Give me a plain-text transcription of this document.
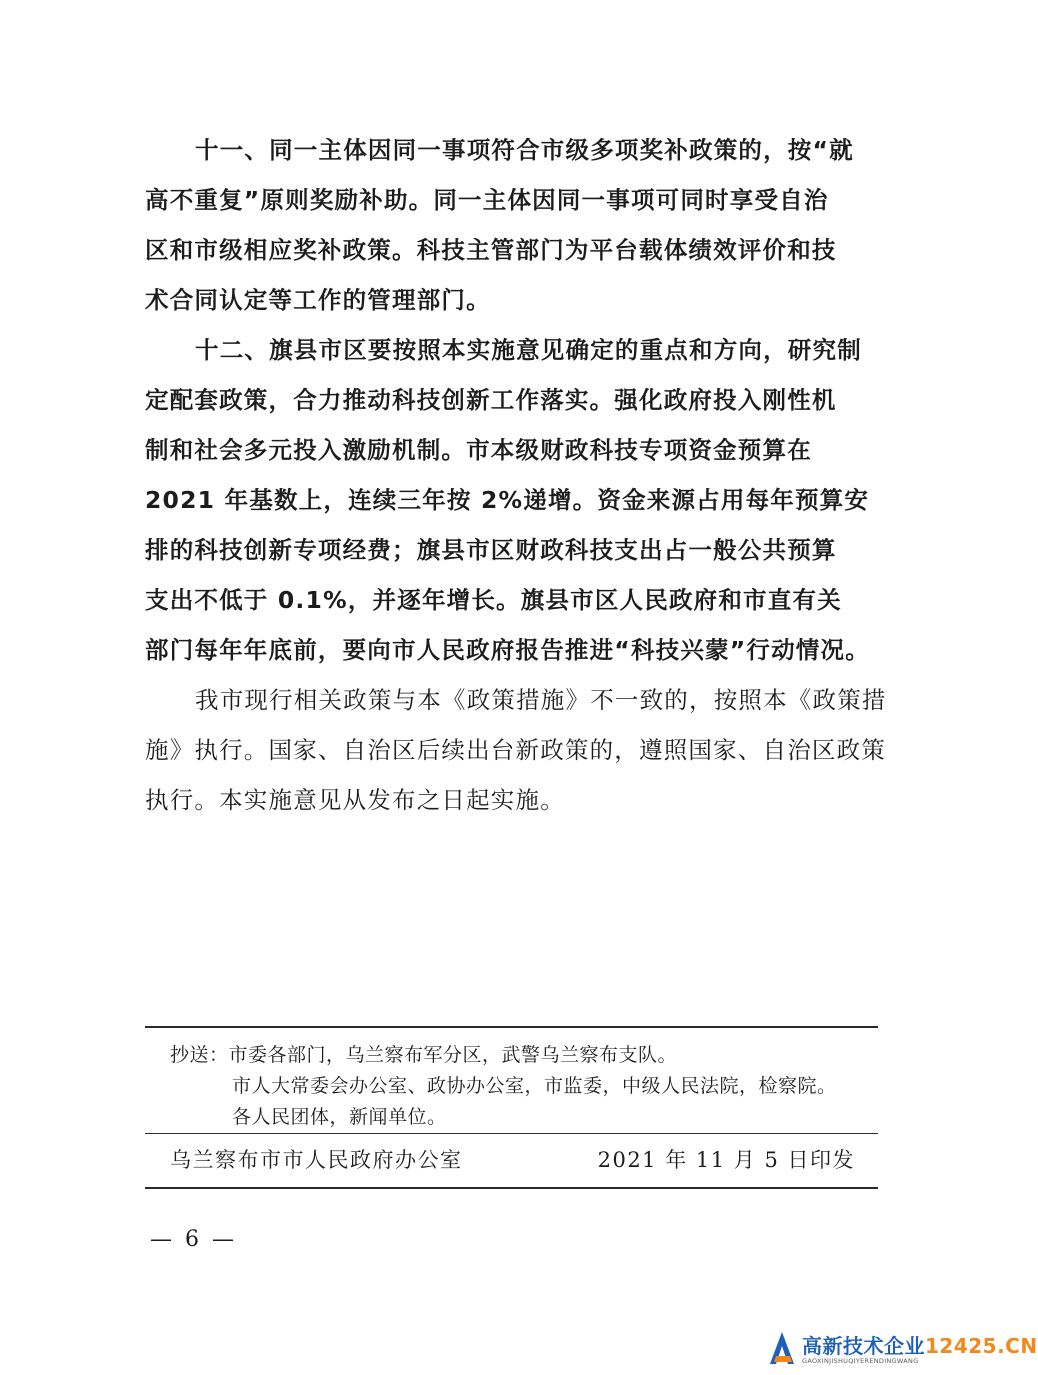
十一、同一主体因同一事项符合市级多项奖补政策的，按“就
高不重复”原则奖励补助。同一主体因同一事项可同时享受自治
区和市级相应奖补政策。科技主管部门为平台载体绩效评价和技
术合同认定等工作的管理部门。
十二、旗县市区要按照本实施意见确定的重点和方向，研究制
定配套政策，合力推动科技创新工作落实。强化政府投入刚性机
制和社会多元投入激励机制。市本级财政科技专项资金预算在
2021 年基数上，连续三年按 2%递增。资金来源占用每年预算安
排的科技创新专项经费；旗县市区财政科技支出占一般公共预算
支出不低于 0.1%，并逐年增长。旗县市区人民政府和市直有关
部门每年年底前，要向市人民政府报告推进“科技兴蒙”行动情况。
我市现行相关政策与本《政策措施》不一致的，按照本《政策措
施》执行。国家、自治区后续出台新政策的，遵照国家、自治区政策
执行。本实施意见从发布之日起实施。
抄送：市委各部门，乌兰察布军分区，武警乌兰察布支队。
市人大常委会办公室、政协办公室，市监委，中级人民法院，检察院。
各人民团体，新闻单位。
乌兰察布市市人民政府办公室	2021 年 11 月 5 日印发
— 6 —
高新技术企业12425.CN
GAOXINJISHUQIYERENDINGWANG
